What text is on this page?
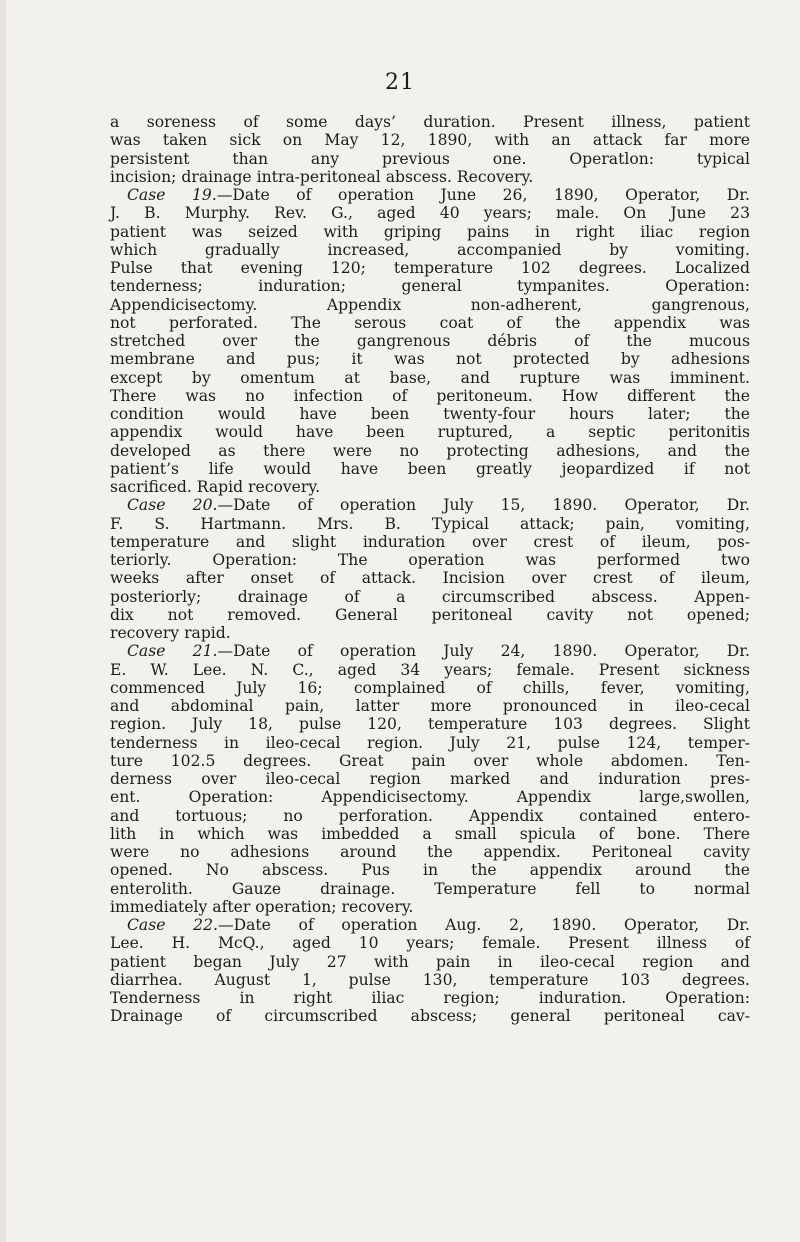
21
a soreness of some days’ duration. Present illness, patient
was taken sick on May 12, 1890, with an attack far more
persistent than any previous one. Operatlon: typical
incision; drainage intra-peritoneal abscess. Recovery.
Case 19.—Date of operation June 26, 1890, Operator, Dr.
J. B. Murphy. Rev. G., aged 40 years; male. On June 23
patient was seized with griping pains in right iliac region
which gradually increased, accompanied by vomiting.
Pulse that evening 120; temperature 102 degrees. Localized
tenderness; induration; general tympanites. Operation:
Appendicisectomy. Appendix non-adherent, gangrenous,
not perforated. The serous coat of the appendix was
stretched over the gangrenous débris of the mucous
membrane and pus; it was not protected by adhesions
except by omentum at base, and rupture was imminent.
There was no infection of peritoneum. How different the
condition would have been twenty-four hours later; the
appendix would have been ruptured, a septic peritonitis
developed as there were no protecting adhesions, and the
patient’s life would have been greatly jeopardized if not
sacrificed. Rapid recovery.
Case 20.—Date of operation July 15, 1890. Operator, Dr.
F. S. Hartmann. Mrs. B. Typical attack; pain, vomiting,
temperature and slight induration over crest of ileum, pos-
teriorly. Operation: The operation was performed two
weeks after onset of attack. Incision over crest of ileum,
posteriorly; drainage of a circumscribed abscess. Appen-
dix not removed. General peritoneal cavity not opened;
recovery rapid.
Case 21.—Date of operation July 24, 1890. Operator, Dr.
E. W. Lee. N. C., aged 34 years; female. Present sickness
commenced July 16; complained of chills, fever, vomiting,
and abdominal pain, latter more pronounced in ileo-cecal
region. July 18, pulse 120, temperature 103 degrees. Slight
tenderness in ileo-cecal region. July 21, pulse 124, temper-
ture 102.5 degrees. Great pain over whole abdomen. Ten-
derness over ileo-cecal region marked and induration pres-
ent. Operation: Appendicisectomy. Appendix large,swollen,
and tortuous; no perforation. Appendix contained entero-
lith in which was imbedded a small spicula of bone. There
were no adhesions around the appendix. Peritoneal cavity
opened. No abscess. Pus in the appendix around the
enterolith. Gauze drainage. Temperature fell to normal
immediately after operation; recovery.
Case 22.—Date of operation Aug. 2, 1890. Operator, Dr.
Lee. H. McQ., aged 10 years; female. Present illness of
patient began July 27 with pain in ileo-cecal region and
diarrhea. August 1, pulse 130, temperature 103 degrees.
Tenderness in right iliac region; induration. Operation:
Drainage of circumscribed abscess; general peritoneal cav-
